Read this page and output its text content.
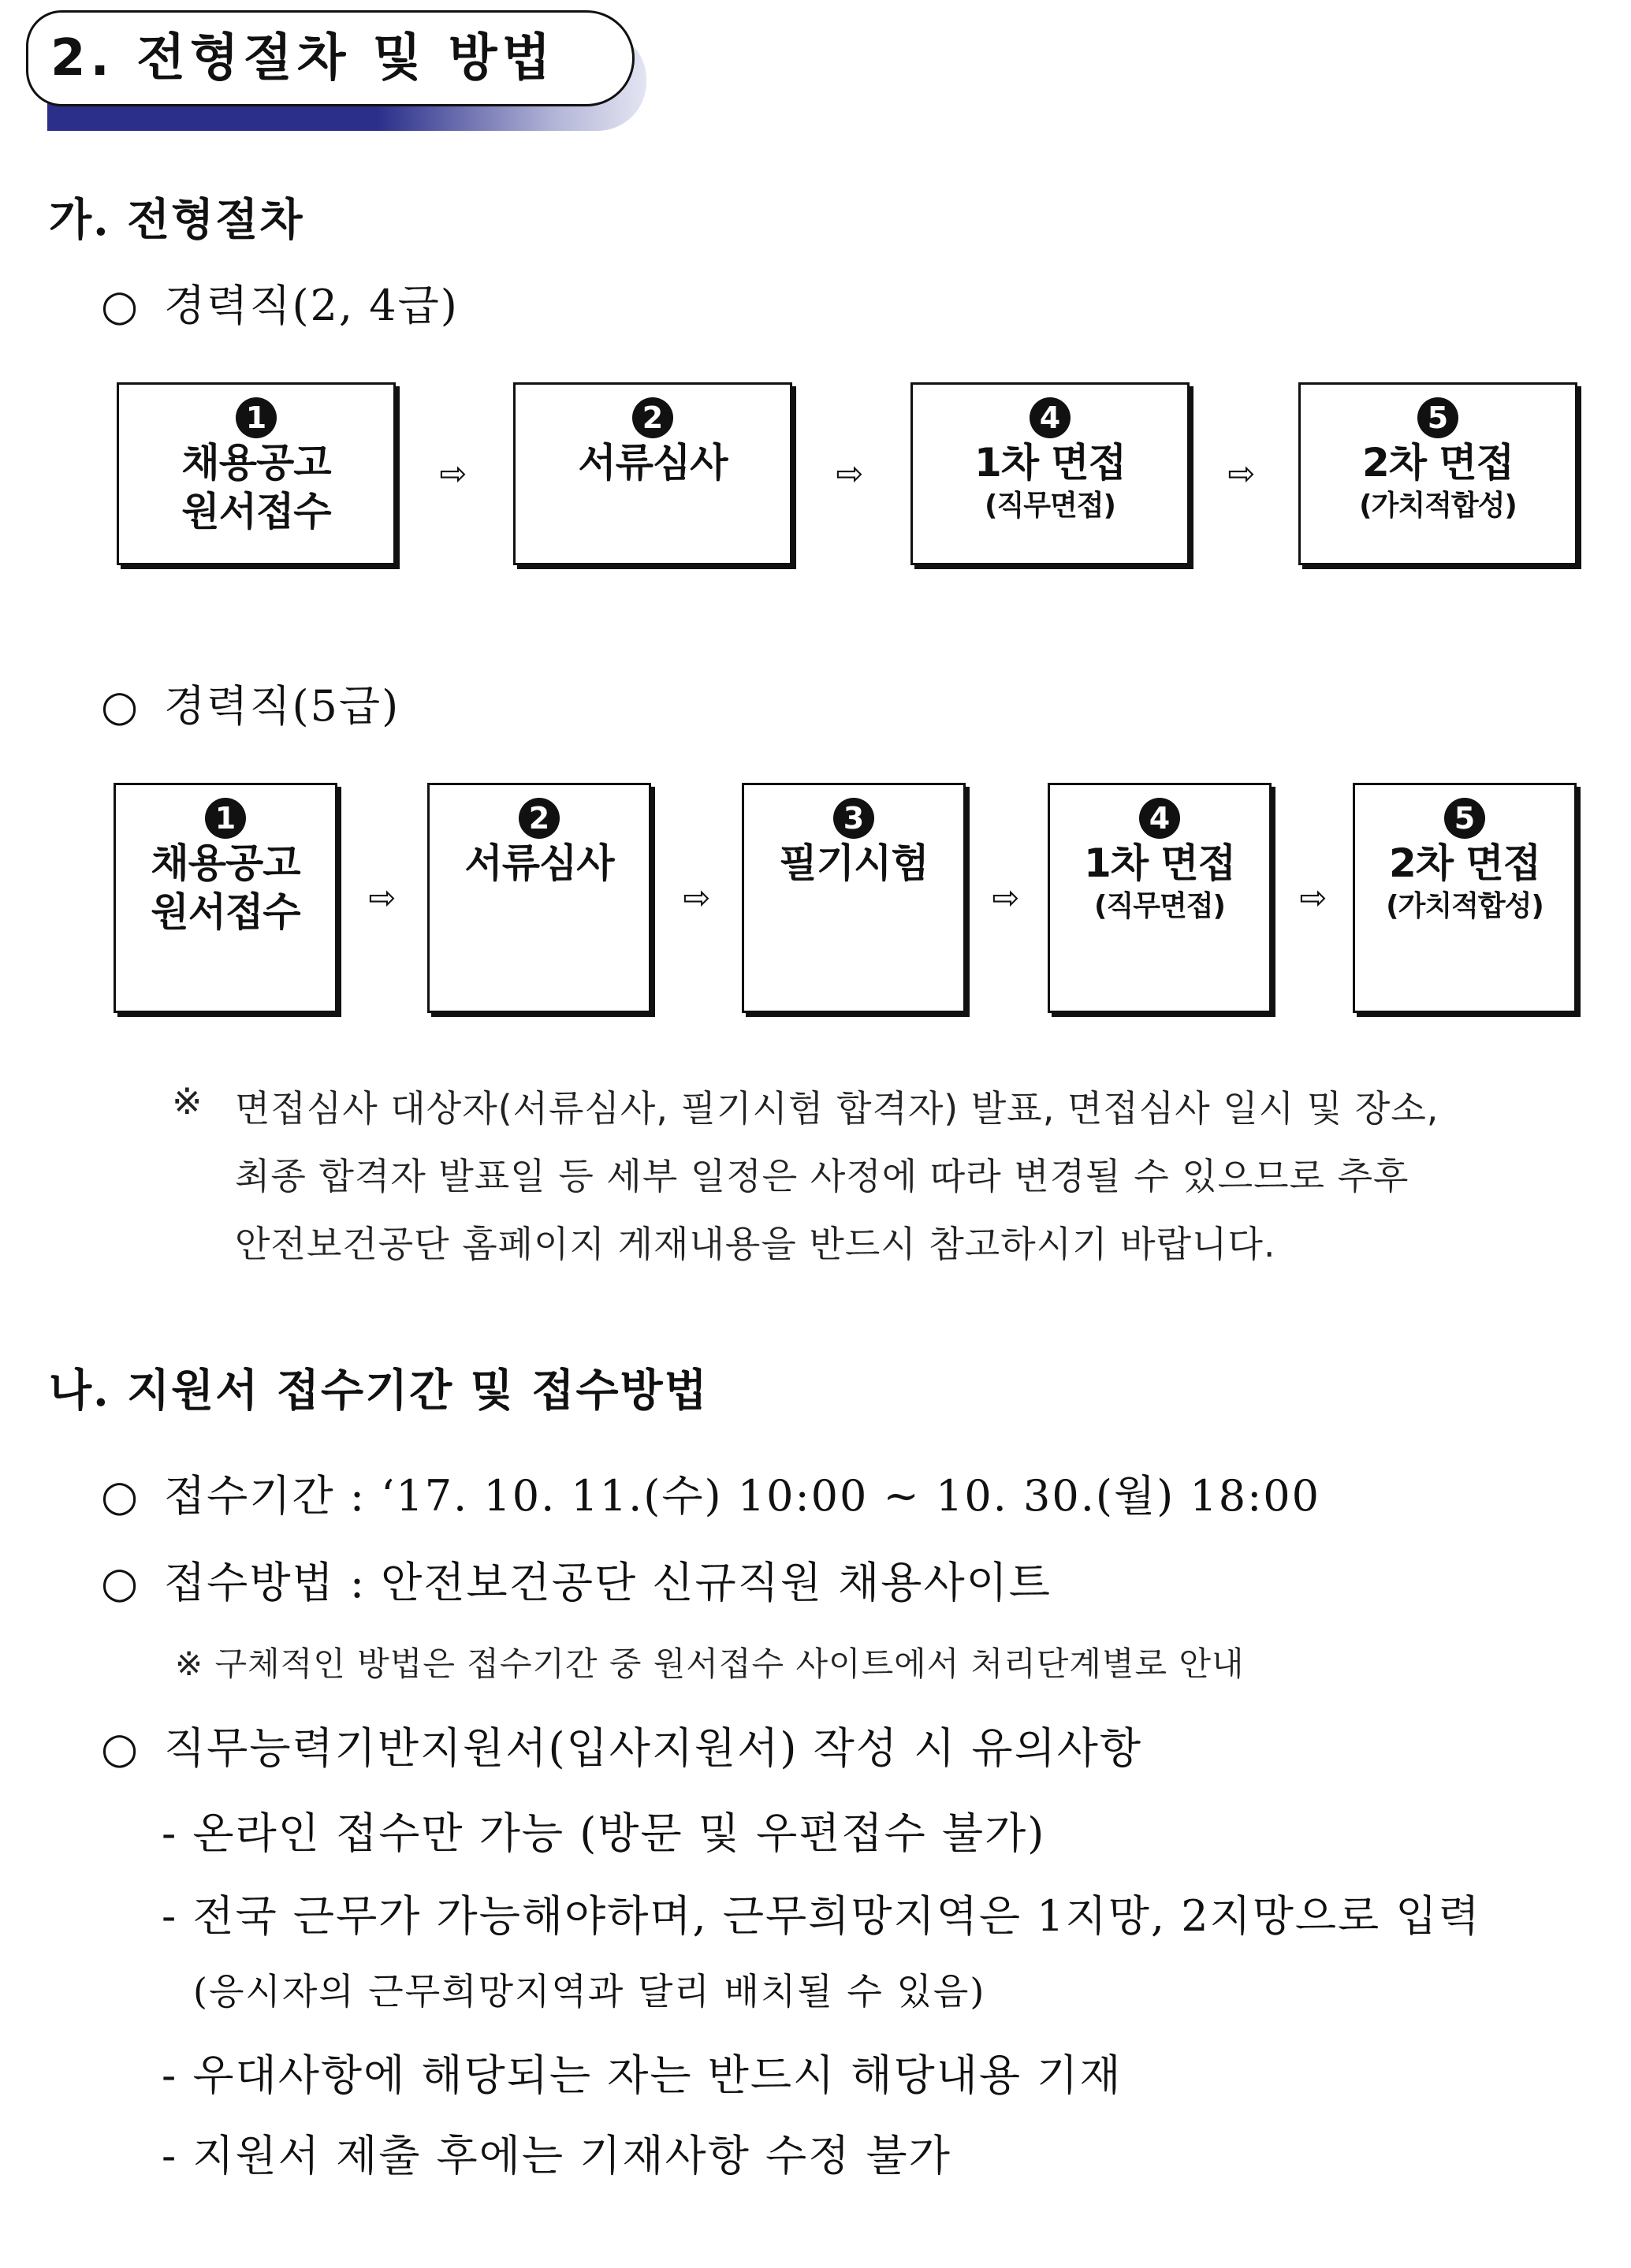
2. 전형절차 및 방법
가. 전형절차
○ 경력직(2, 4급)
1
채용공고
원서접수
2
서류심사
4
1차 면접
(직무면접)
5
2차 면접
(가치적합성)
⇨	⇨	⇨
○ 경력직(5급)
1
채용공고
원서접수
2
서류심사
3
필기시험
4
1차 면접
(직무면접)
5
2차 면접
(가치적합성)
⇨	⇨	⇨	⇨
※ 면접심사 대상자(서류심사, 필기시험 합격자) 발표, 면접심사 일시 및 장소,
최종 합격자 발표일 등 세부 일정은 사정에 따라 변경될 수 있으므로 추후
안전보건공단 홈페이지 게재내용을 반드시 참고하시기 바랍니다.
나. 지원서 접수기간 및 접수방법
○ 접수기간 : ‘17. 10. 11.(수) 10:00 ~ 10. 30.(월) 18:00
○ 접수방법 : 안전보건공단 신규직원 채용사이트
※ 구체적인 방법은 접수기간 중 원서접수 사이트에서 처리단계별로 안내
○ 직무능력기반지원서(입사지원서) 작성 시 유의사항
- 온라인 접수만 가능 (방문 및 우편접수 불가)
- 전국 근무가 가능해야하며, 근무희망지역은 1지망, 2지망으로 입력
(응시자의 근무희망지역과 달리 배치될 수 있음)
- 우대사항에 해당되는 자는 반드시 해당내용 기재
- 지원서 제출 후에는 기재사항 수정 불가
